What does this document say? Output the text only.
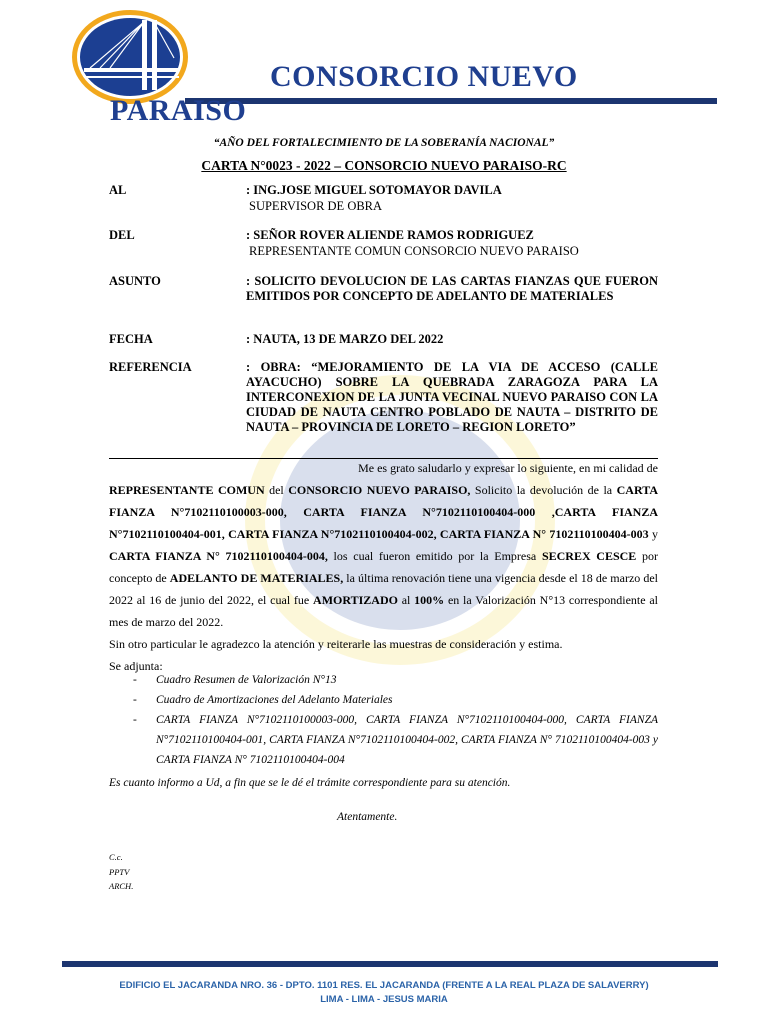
CONSORCIO NUEVO
PARAISO
“AÑO DEL FORTALECIMIENTO DE LA SOBERANÍA NACIONAL”
CARTA N°0023 - 2022 – CONSORCIO NUEVO PARAISO-RC
AL	: ING.JOSE MIGUEL SOTOMAYOR DAVILA
SUPERVISOR DE OBRA
DEL	: SEÑOR ROVER ALIENDE RAMOS RODRIGUEZ
REPRESENTANTE COMUN CONSORCIO NUEVO PARAISO
ASUNTO	: SOLICITO DEVOLUCION DE LAS CARTAS FIANZAS QUE FUERON EMITIDOS POR CONCEPTO DE ADELANTO DE MATERIALES
FECHA	: NAUTA, 13 DE MARZO DEL 2022
REFERENCIA	: OBRA: “MEJORAMIENTO DE LA VIA DE ACCESO (CALLE AYACUCHO) SOBRE LA QUEBRADA ZARAGOZA PARA LA INTERCONEXION DE LA JUNTA VECINAL NUEVO PARAISO CON LA CIUDAD DE NAUTA CENTRO POBLADO DE NAUTA – DISTRITO DE NAUTA – PROVINCIA DE LORETO – REGION LORETO”
Me es grato saludarlo y expresar lo siguiente, en mi calidad de
REPRESENTANTE COMUN del CONSORCIO NUEVO PARAISO, Solicito la devolución de la CARTA FIANZA N°7102110100003-000, CARTA FIANZA N°7102110100404-000 ,CARTA FIANZA N°7102110100404-001, CARTA FIANZA N°7102110100404-002, CARTA FIANZA N° 7102110100404-003 y CARTA FIANZA N° 7102110100404-004, los cual fueron emitido por la Empresa SECREX CESCE por concepto de ADELANTO DE MATERIALES, la última renovación tiene una vigencia desde el 18 de marzo del 2022 al 16 de junio del 2022, el cual fue AMORTIZADO al 100% en la Valorización N°13 correspondiente al mes de marzo del 2022.
Sin otro particular le agradezco la atención y reiterarle las muestras de consideración y estima.
Se adjunta:
- Cuadro Resumen de Valorización N°13
- Cuadro de Amortizaciones del Adelanto Materiales
- CARTA FIANZA N°7102110100003-000, CARTA FIANZA N°7102110100404-000, CARTA FIANZA N°7102110100404-001, CARTA FIANZA N°7102110100404-002, CARTA FIANZA N° 7102110100404-003 y CARTA FIANZA N° 7102110100404-004
Es cuanto informo a Ud, a fin que se le dé el trámite correspondiente para su atención.
Atentamente.
C.c.
PPTV
ARCH.
EDIFICIO EL JACARANDA NRO. 36 - DPTO. 1101 RES. EL JACARANDA (FRENTE A LA REAL PLAZA DE SALAVERRY) LIMA - LIMA - JESUS MARIA
